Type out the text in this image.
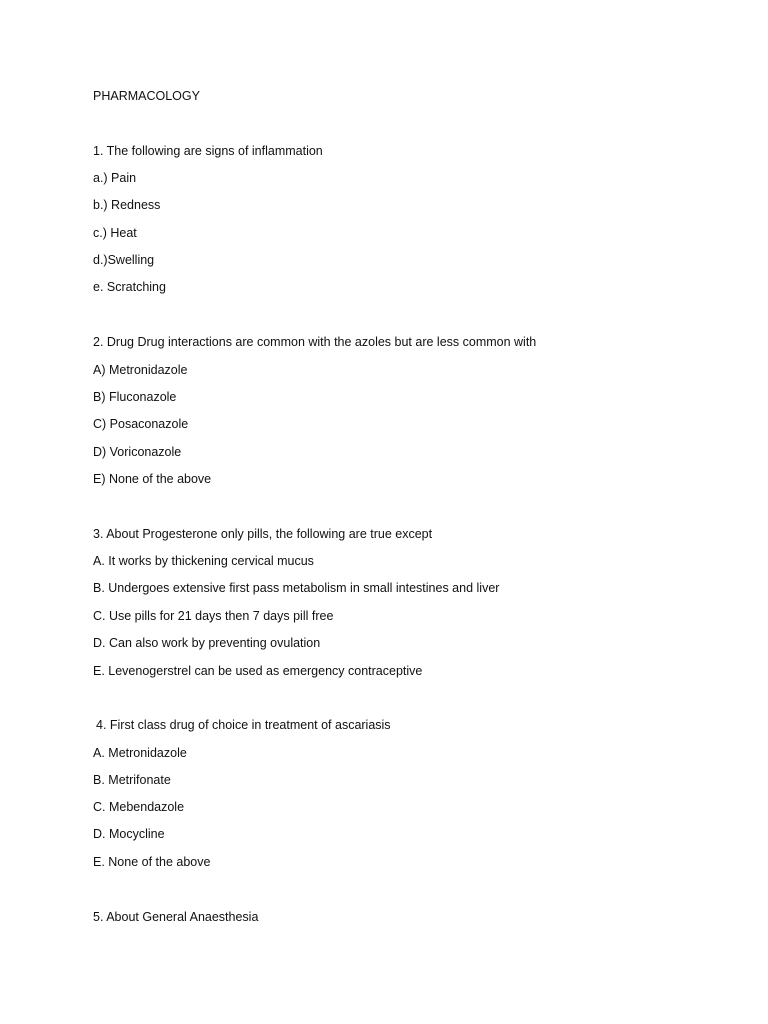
PHARMACOLOGY
1. The following are signs of inflammation
a.) Pain
b.) Redness
c.) Heat
d.)Swelling
e. Scratching
2. Drug Drug interactions are common with the azoles but are less common with
A) Metronidazole
B) Fluconazole
C) Posaconazole
D) Voriconazole
E) None of the above
3. About Progesterone only pills, the following are true except
A. It works by thickening cervical mucus
B. Undergoes extensive first pass metabolism in small intestines and liver
C. Use pills for 21 days then 7 days pill free
D. Can also work by preventing ovulation
E. Levenogerstrel can be used as emergency contraceptive
4. First class drug of choice in treatment of ascariasis
A. Metronidazole
B. Metrifonate
C. Mebendazole
D. Mocycline
E. None of the above
5. About General Anaesthesia
